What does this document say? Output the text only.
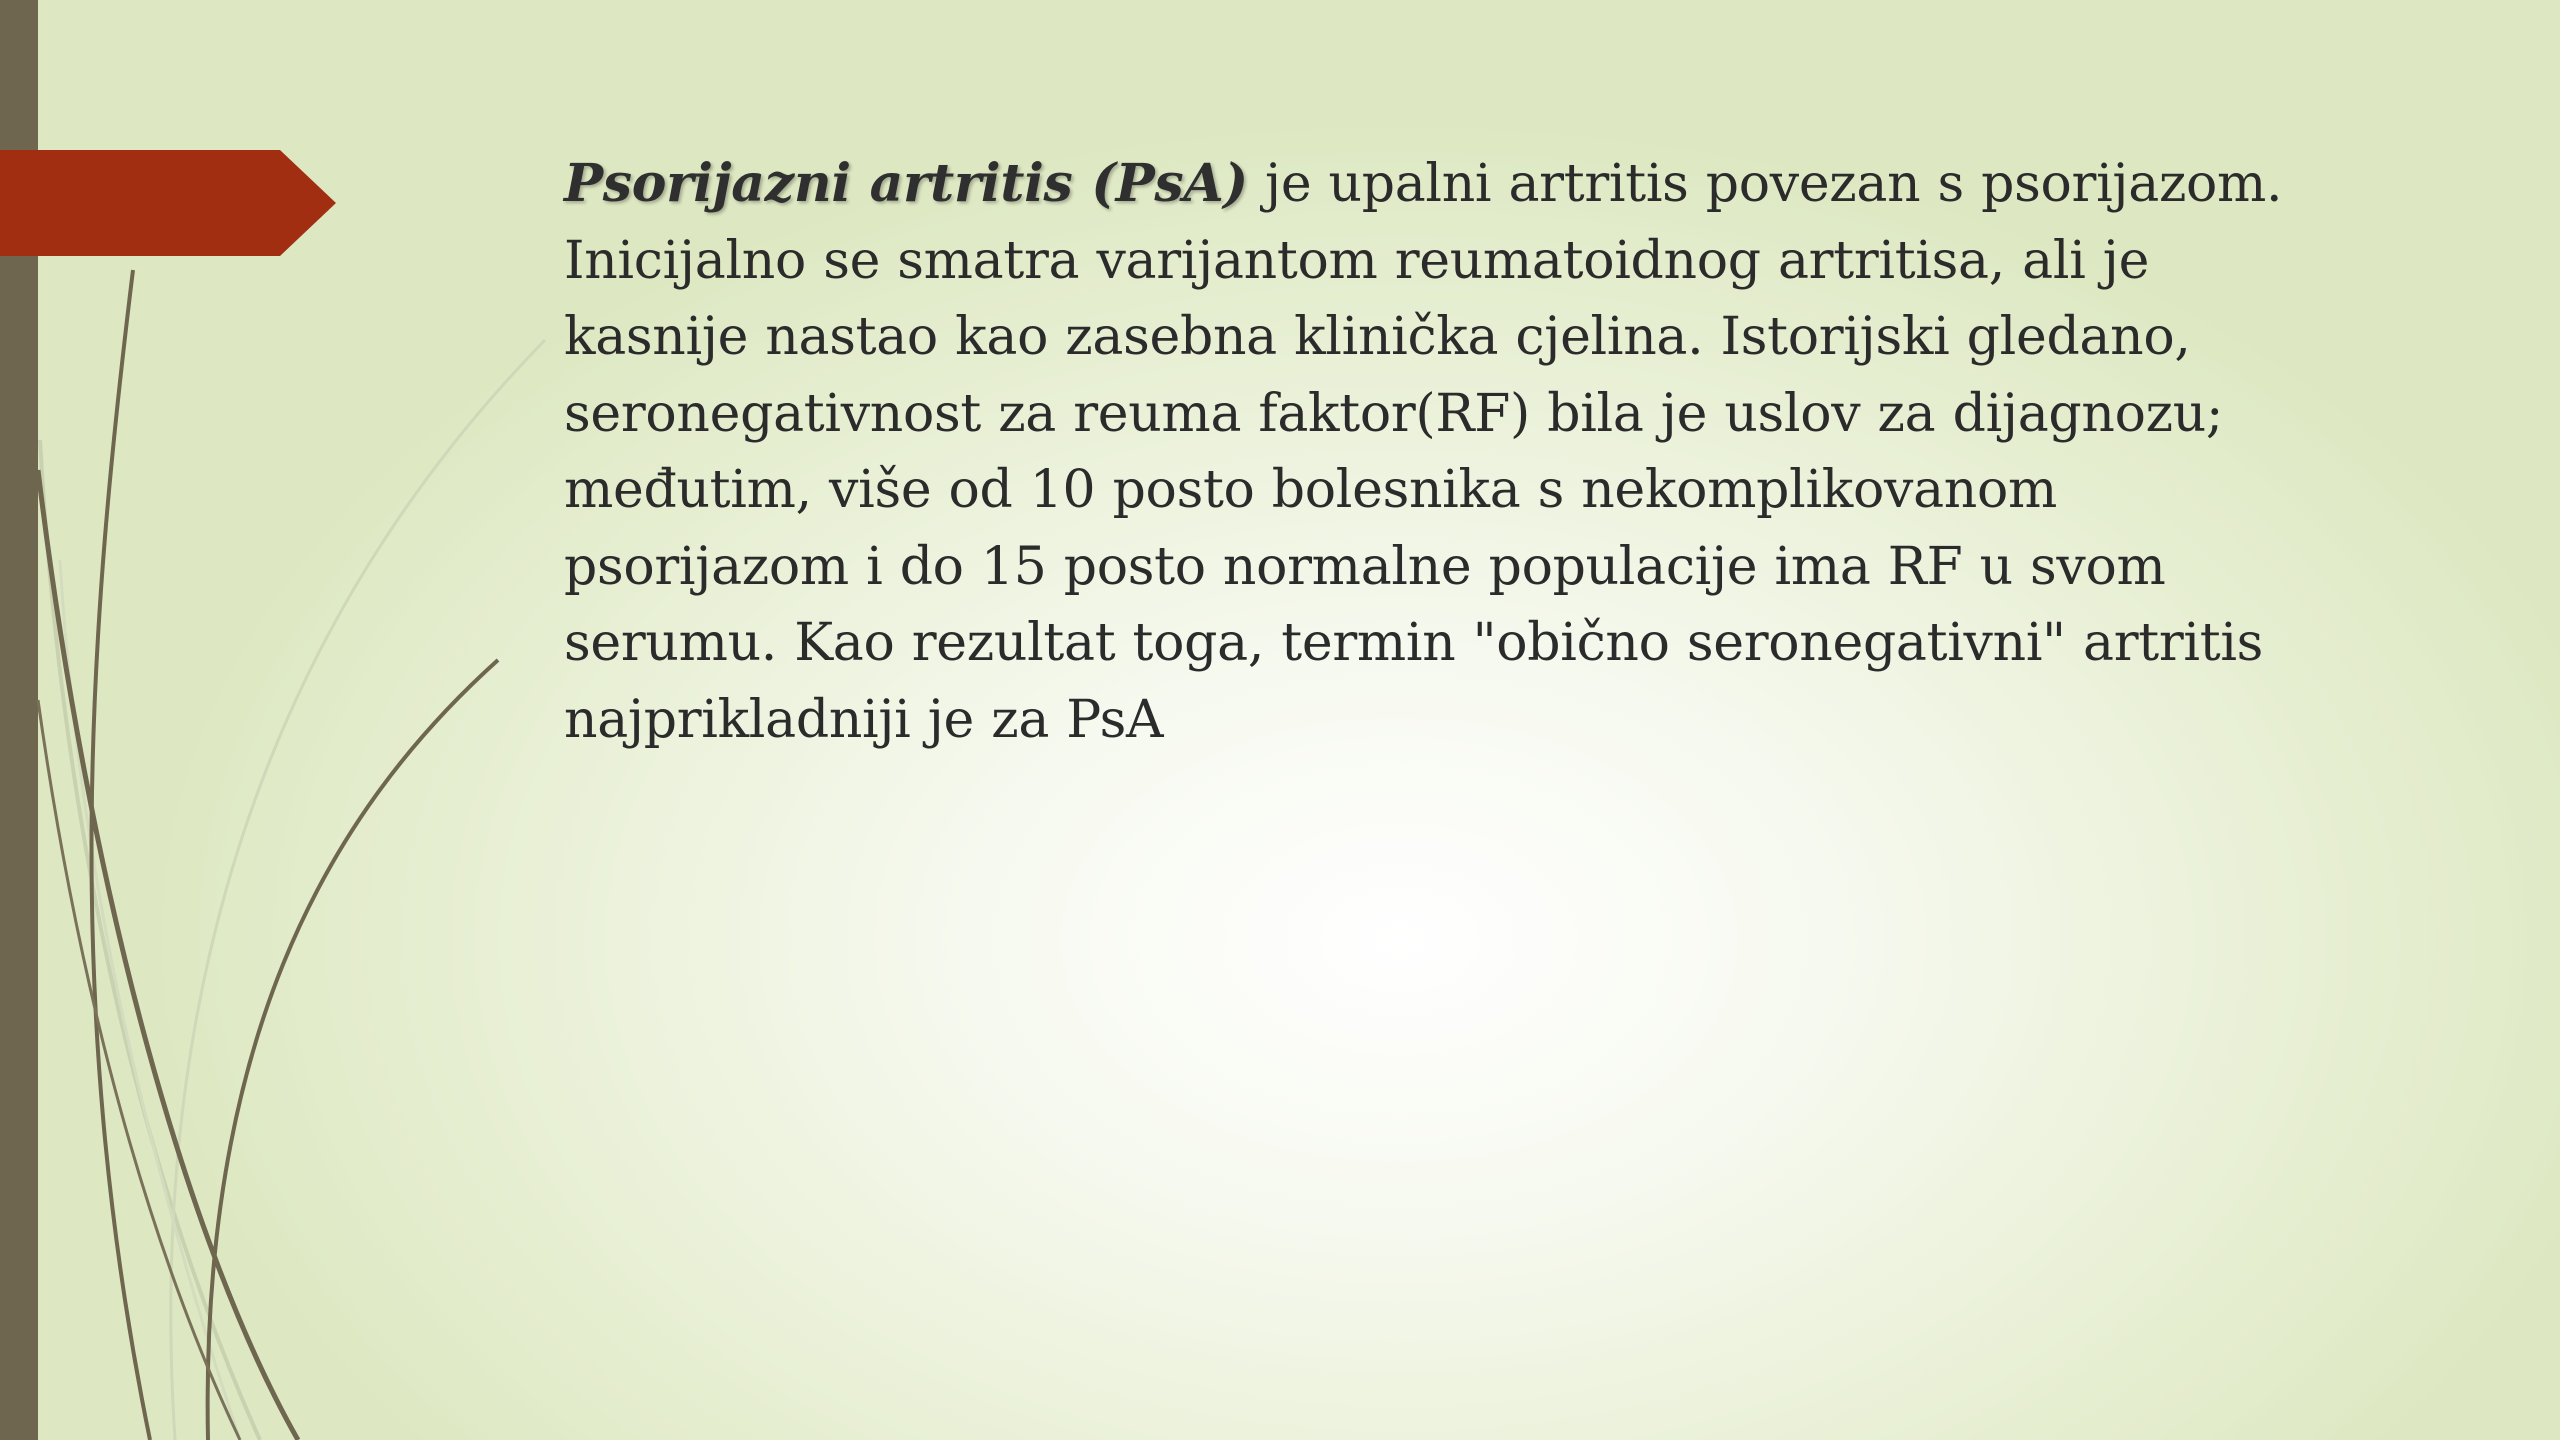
Psorijazni artritis (PsA) je upalni artritis povezan s psorijazom.
Inicijalno se smatra varijantom reumatoidnog artritisa, ali je
kasnije nastao kao zasebna klinička cjelina. Istorijski gledano,
seronegativnost za reuma faktor(RF) bila je uslov za dijagnozu;
međutim, više od 10 posto bolesnika s nekomplikovanom
psorijazom i do 15 posto normalne populacije ima RF u svom
serumu. Kao rezultat toga, termin "obično seronegativni" artritis
najprikladniji je za PsA
